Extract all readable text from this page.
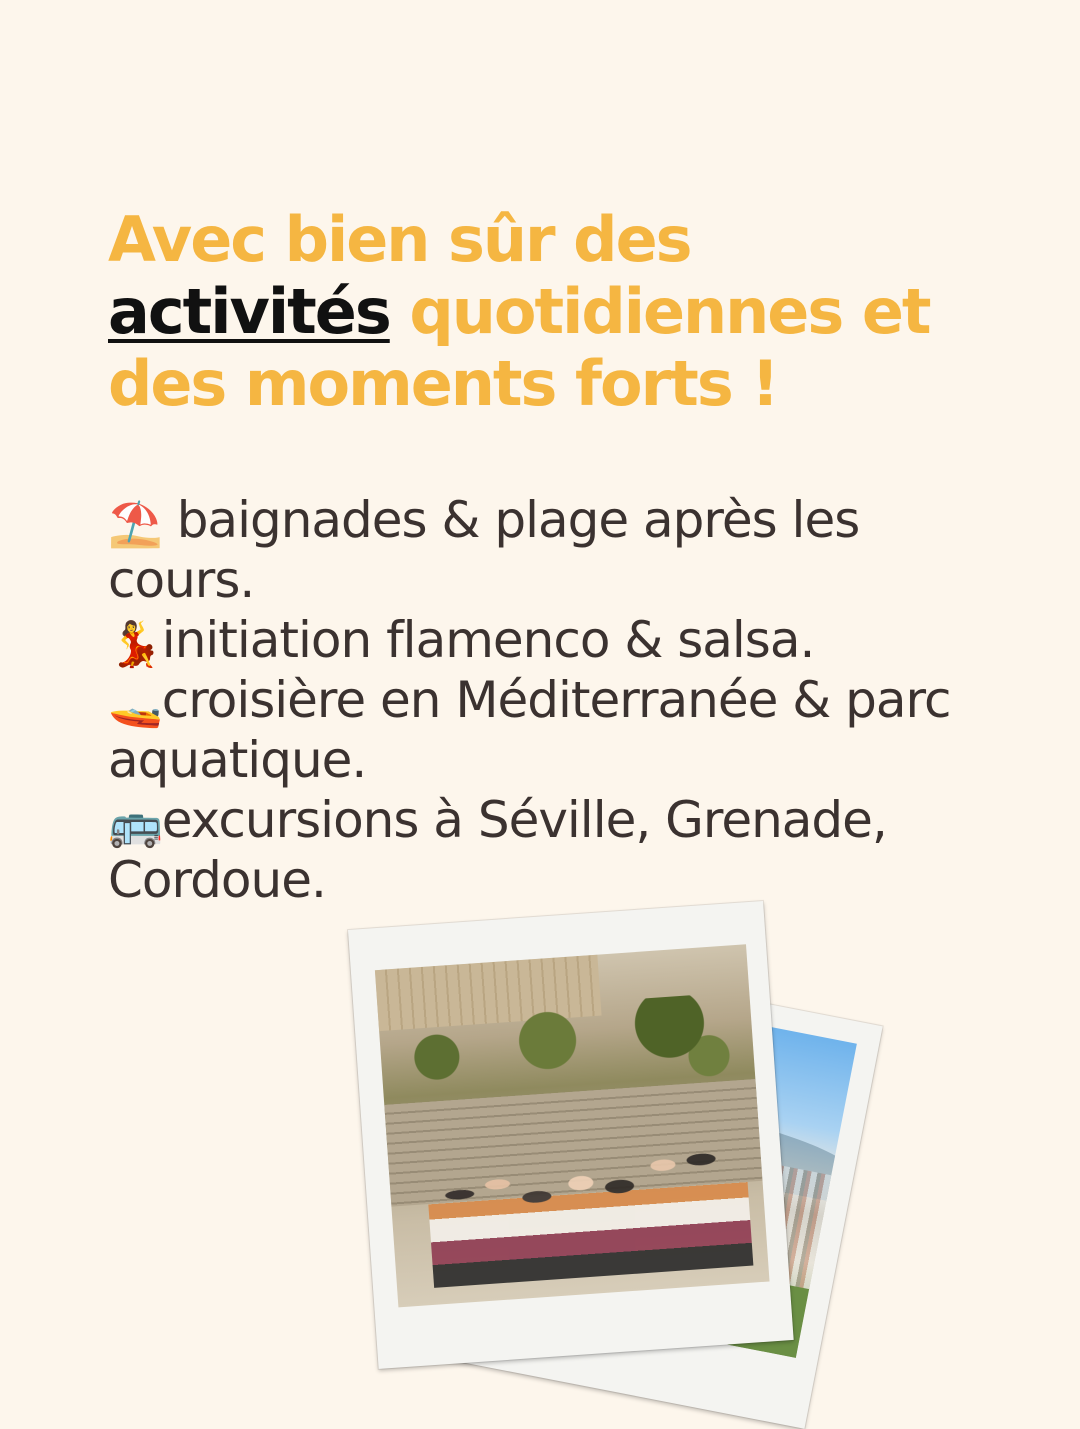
Avec bien sûr des activités quotidiennes et des moments forts !
⛱️ baignades & plage après les cours.
💃initiation flamenco & salsa.
🚤croisière en Méditerranée & parc aquatique.
🚌excursions à Séville, Grenade, Cordoue.
